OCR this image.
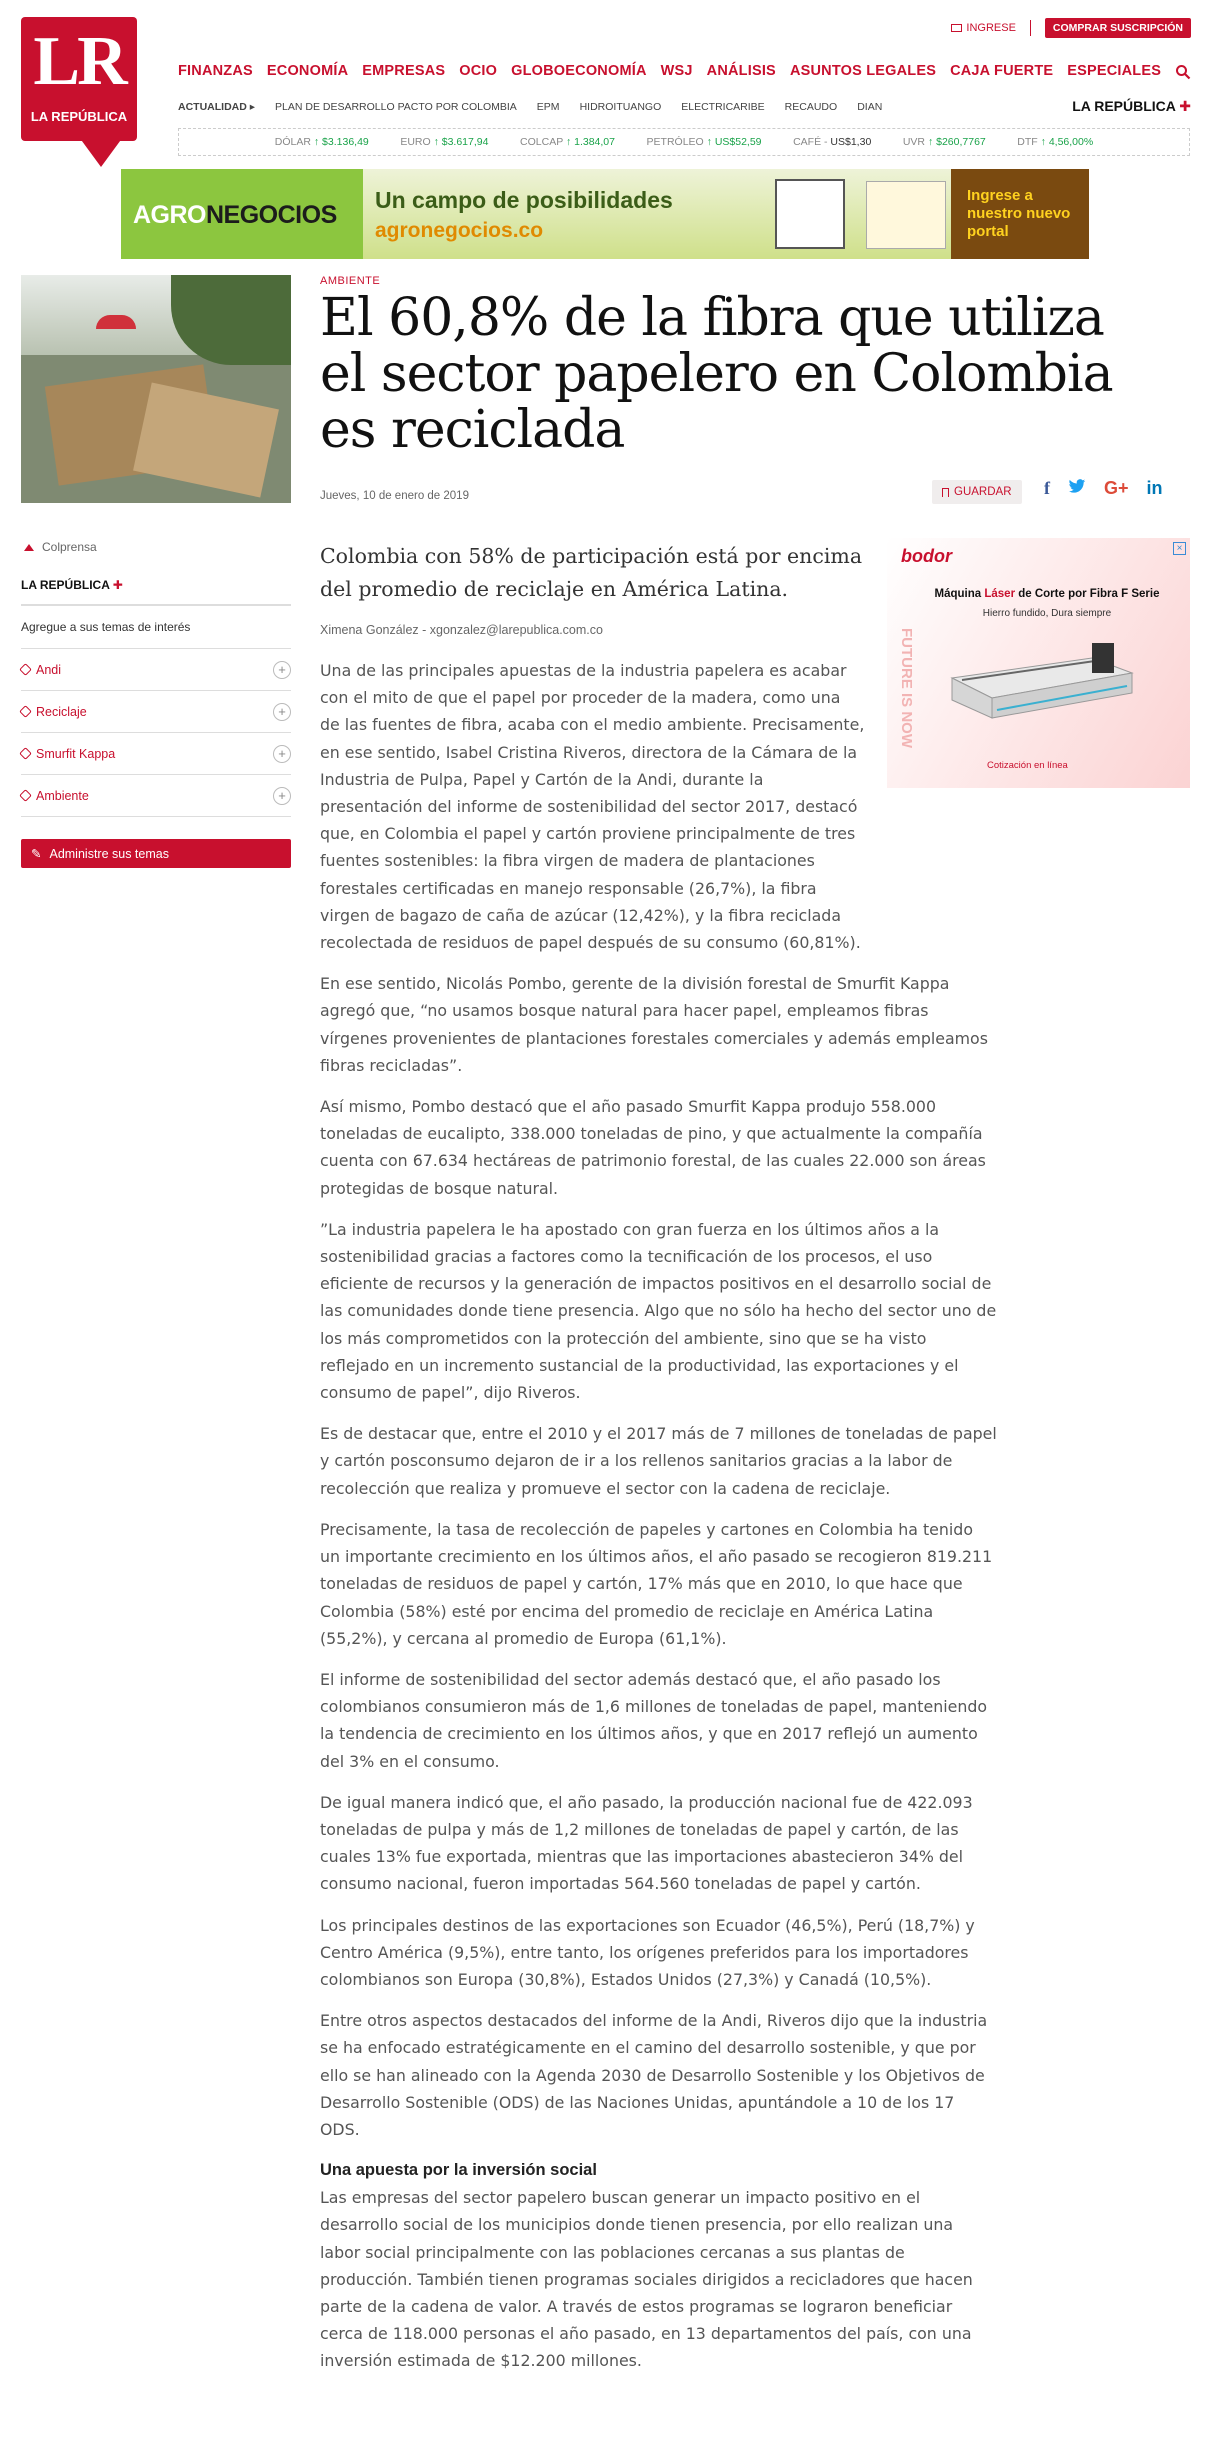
LR
LA REPÚBLICA
INGRESE	COMPRAR SUSCRIPCIÓN
FINANZAS ECONOMÍA EMPRESAS OCIO GLOBOECONOMÍA WSJ ANÁLISIS ASUNTOS LEGALES CAJA FUERTE ESPECIALES
ACTUALIDAD ▸ PLAN DE DESARROLLO PACTO POR COLOMBIA EPM HIDROITUANGO ELECTRICARIBE RECAUDO DIAN	LA REPÚBLICA ✚
DÓLAR ↑ $3.136,49	EURO ↑ $3.617,94	COLCAP ↑ 1.384,07	PETRÓLEO ↑ US$52,59	CAFÉ - US$1,30	UVR ↑ $260,7767	DTF ↑ 4,56,00%
AGRONEGOCIOS
Un campo de posibilidades
agronegocios.co
Ingrese a nuestro nuevo portal
AMBIENTE
El 60,8% de la fibra que utiliza el sector papelero en Colombia es reciclada
Jueves, 10 de enero de 2019	GUARDAR f	G+ in
Colprensa
LA REPÚBLICA ✚
Agregue a sus temas de interés
Andi	+
Reciclaje	+
Smurfit Kappa	+
Ambiente	+
✎ Administre sus temas
Colombia con 58% de participación está por encima del promedio de reciclaje en América Latina.
Ximena González - xgonzalez@larepublica.com.co
bodor	×
FUTURE IS NOW
Máquina Láser de Corte por Fibra F Serie
Hierro fundido, Dura siempre
Cotización en línea

Una de las principales apuestas de la industria papelera es acabar con el mito de que el papel por proceder de la madera, como una de las fuentes de fibra, acaba con el medio ambiente. Precisamente, en ese sentido, Isabel Cristina Riveros, directora de la Cámara de la Industria de Pulpa, Papel y Cartón de la Andi, durante la presentación del informe de sostenibilidad del sector 2017, destacó que, en Colombia el papel y cartón proviene principalmente de tres fuentes sostenibles: la fibra virgen de madera de plantaciones forestales certificadas en manejo responsable (26,7%), la fibra virgen de bagazo de caña de azúcar (12,42%), y la fibra reciclada recolectada de residuos de papel después de su consumo (60,81%).

En ese sentido, Nicolás Pombo, gerente de la división forestal de Smurfit Kappa agregó que, “no usamos bosque natural para hacer papel, empleamos fibras vírgenes provenientes de plantaciones forestales comerciales y además empleamos fibras recicladas”.

Así mismo, Pombo destacó que el año pasado Smurfit Kappa produjo 558.000 toneladas de eucalipto, 338.000 toneladas de pino, y que actualmente la compañía cuenta con 67.634 hectáreas de patrimonio forestal, de las cuales 22.000 son áreas protegidas de bosque natural.

”La industria papelera le ha apostado con gran fuerza en los últimos años a la sostenibilidad gracias a factores como la tecnificación de los procesos, el uso eficiente de recursos y la generación de impactos positivos en el desarrollo social de las comunidades donde tiene presencia. Algo que no sólo ha hecho del sector uno de los más comprometidos con la protección del ambiente, sino que se ha visto reflejado en un incremento sustancial de la productividad, las exportaciones y el consumo de papel”, dijo Riveros.

Es de destacar que, entre el 2010 y el 2017 más de 7 millones de toneladas de papel y cartón posconsumo dejaron de ir a los rellenos sanitarios gracias a la labor de recolección que realiza y promueve el sector con la cadena de reciclaje.

Precisamente, la tasa de recolección de papeles y cartones en Colombia ha tenido un importante crecimiento en los últimos años, el año pasado se recogieron 819.211 toneladas de residuos de papel y cartón, 17% más que en 2010, lo que hace que Colombia (58%) esté por encima del promedio de reciclaje en América Latina (55,2%), y cercana al promedio de Europa (61,1%).

El informe de sostenibilidad del sector además destacó que, el año pasado los colombianos consumieron más de 1,6 millones de toneladas de papel, manteniendo la tendencia de crecimiento en los últimos años, y que en 2017 reflejó un aumento del 3% en el consumo.

De igual manera indicó que, el año pasado, la producción nacional fue de 422.093 toneladas de pulpa y más de 1,2 millones de toneladas de papel y cartón, de las cuales 13% fue exportada, mientras que las importaciones abastecieron 34% del consumo nacional, fueron importadas 564.560 toneladas de papel y cartón.

Los principales destinos de las exportaciones son Ecuador (46,5%), Perú (18,7%) y Centro América (9,5%), entre tanto, los orígenes preferidos para los importadores colombianos son Europa (30,8%), Estados Unidos (27,3%) y Canadá (10,5%).

Entre otros aspectos destacados del informe de la Andi, Riveros dijo que la industria se ha enfocado estratégicamente en el camino del desarrollo sostenible, y que por ello se han alineado con la Agenda 2030 de Desarrollo Sostenible y los Objetivos de Desarrollo Sostenible (ODS) de las Naciones Unidas, apuntándole a 10 de los 17 ODS.

Una apuesta por la inversión social

Las empresas del sector papelero buscan generar un impacto positivo en el desarrollo social de los municipios donde tienen presencia, por ello realizan una labor social principalmente con las poblaciones cercanas a sus plantas de producción. También tienen programas sociales dirigidos a recicladores que hacen parte de la cadena de valor. A través de estos programas se lograron beneficiar cerca de 118.000 personas el año pasado, en 13 departamentos del país, con una inversión estimada de $12.200 millones.
